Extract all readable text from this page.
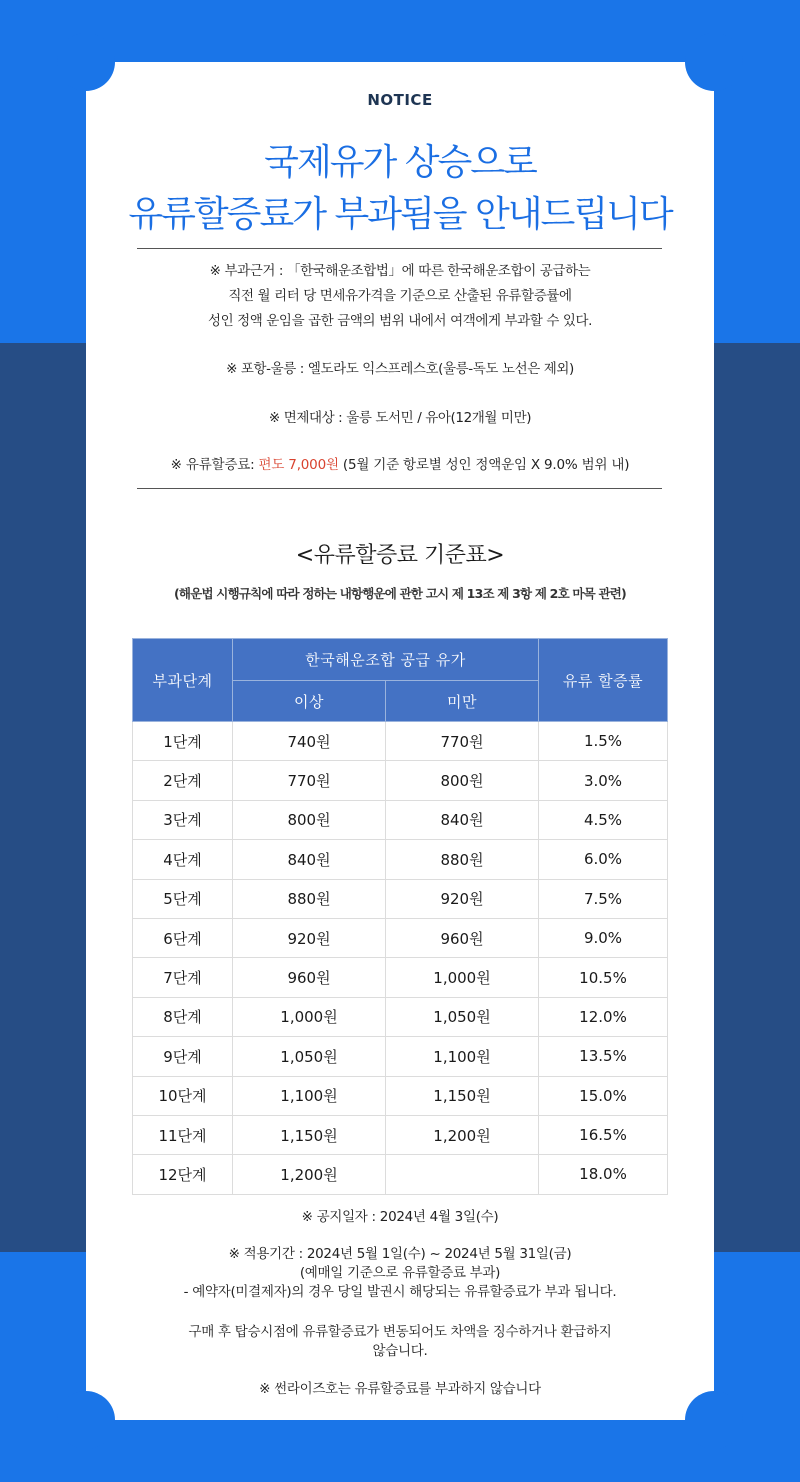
NOTICE
국제유가 상승으로
유류할증료가 부과됨을 안내드립니다
※ 부과근거 : 「한국해운조합법」에 따른 한국해운조합이 공급하는
직전 월 리터 당 면세유가격을 기준으로 산출된 유류할증률에
성인 정액 운임을 곱한 금액의 범위 내에서 여객에게 부과할 수 있다.
※ 포항-울릉 : 엘도라도 익스프레스호(울릉-독도 노선은 제외)
※ 면제대상 : 울릉 도서민 / 유아(12개월 미만)
※ 유류할증료: 편도 7,000원 (5월 기준 항로별 성인 정액운임 X 9.0% 범위 내)
<유류할증료 기준표>
(해운법 시행규칙에 따라 정하는 내항행운에 관한 고시 제 13조 제 3항 제 2호 마목 관련)
부과단계	한국해운조합 공급 유가		유류 할증률
	이상	미만	
1단계	740원	770원	1.5%
2단계	770원	800원	3.0%
3단계	800원	840원	4.5%
4단계	840원	880원	6.0%
5단계	880원	920원	7.5%
6단계	920원	960원	9.0%
7단계	960원	1,000원	10.5%
8단계	1,000원	1,050원	12.0%
9단계	1,050원	1,100원	13.5%
10단계	1,100원	1,150원	15.0%
11단계	1,150원	1,200원	16.5%
12단계	1,200원		18.0%
※ 공지일자 : 2024년 4월 3일(수)
※ 적용기간 : 2024년 5월 1일(수) ~ 2024년 5월 31일(금)
(예매일 기준으로 유류할증료 부과)
- 예약자(미결제자)의 경우 당일 발권시 해당되는 유류할증료가 부과 됩니다.
구매 후 탑승시점에 유류할증료가 변동되어도 차액을 징수하거나 환급하지
않습니다.
※ 썬라이즈호는 유류할증료를 부과하지 않습니다
